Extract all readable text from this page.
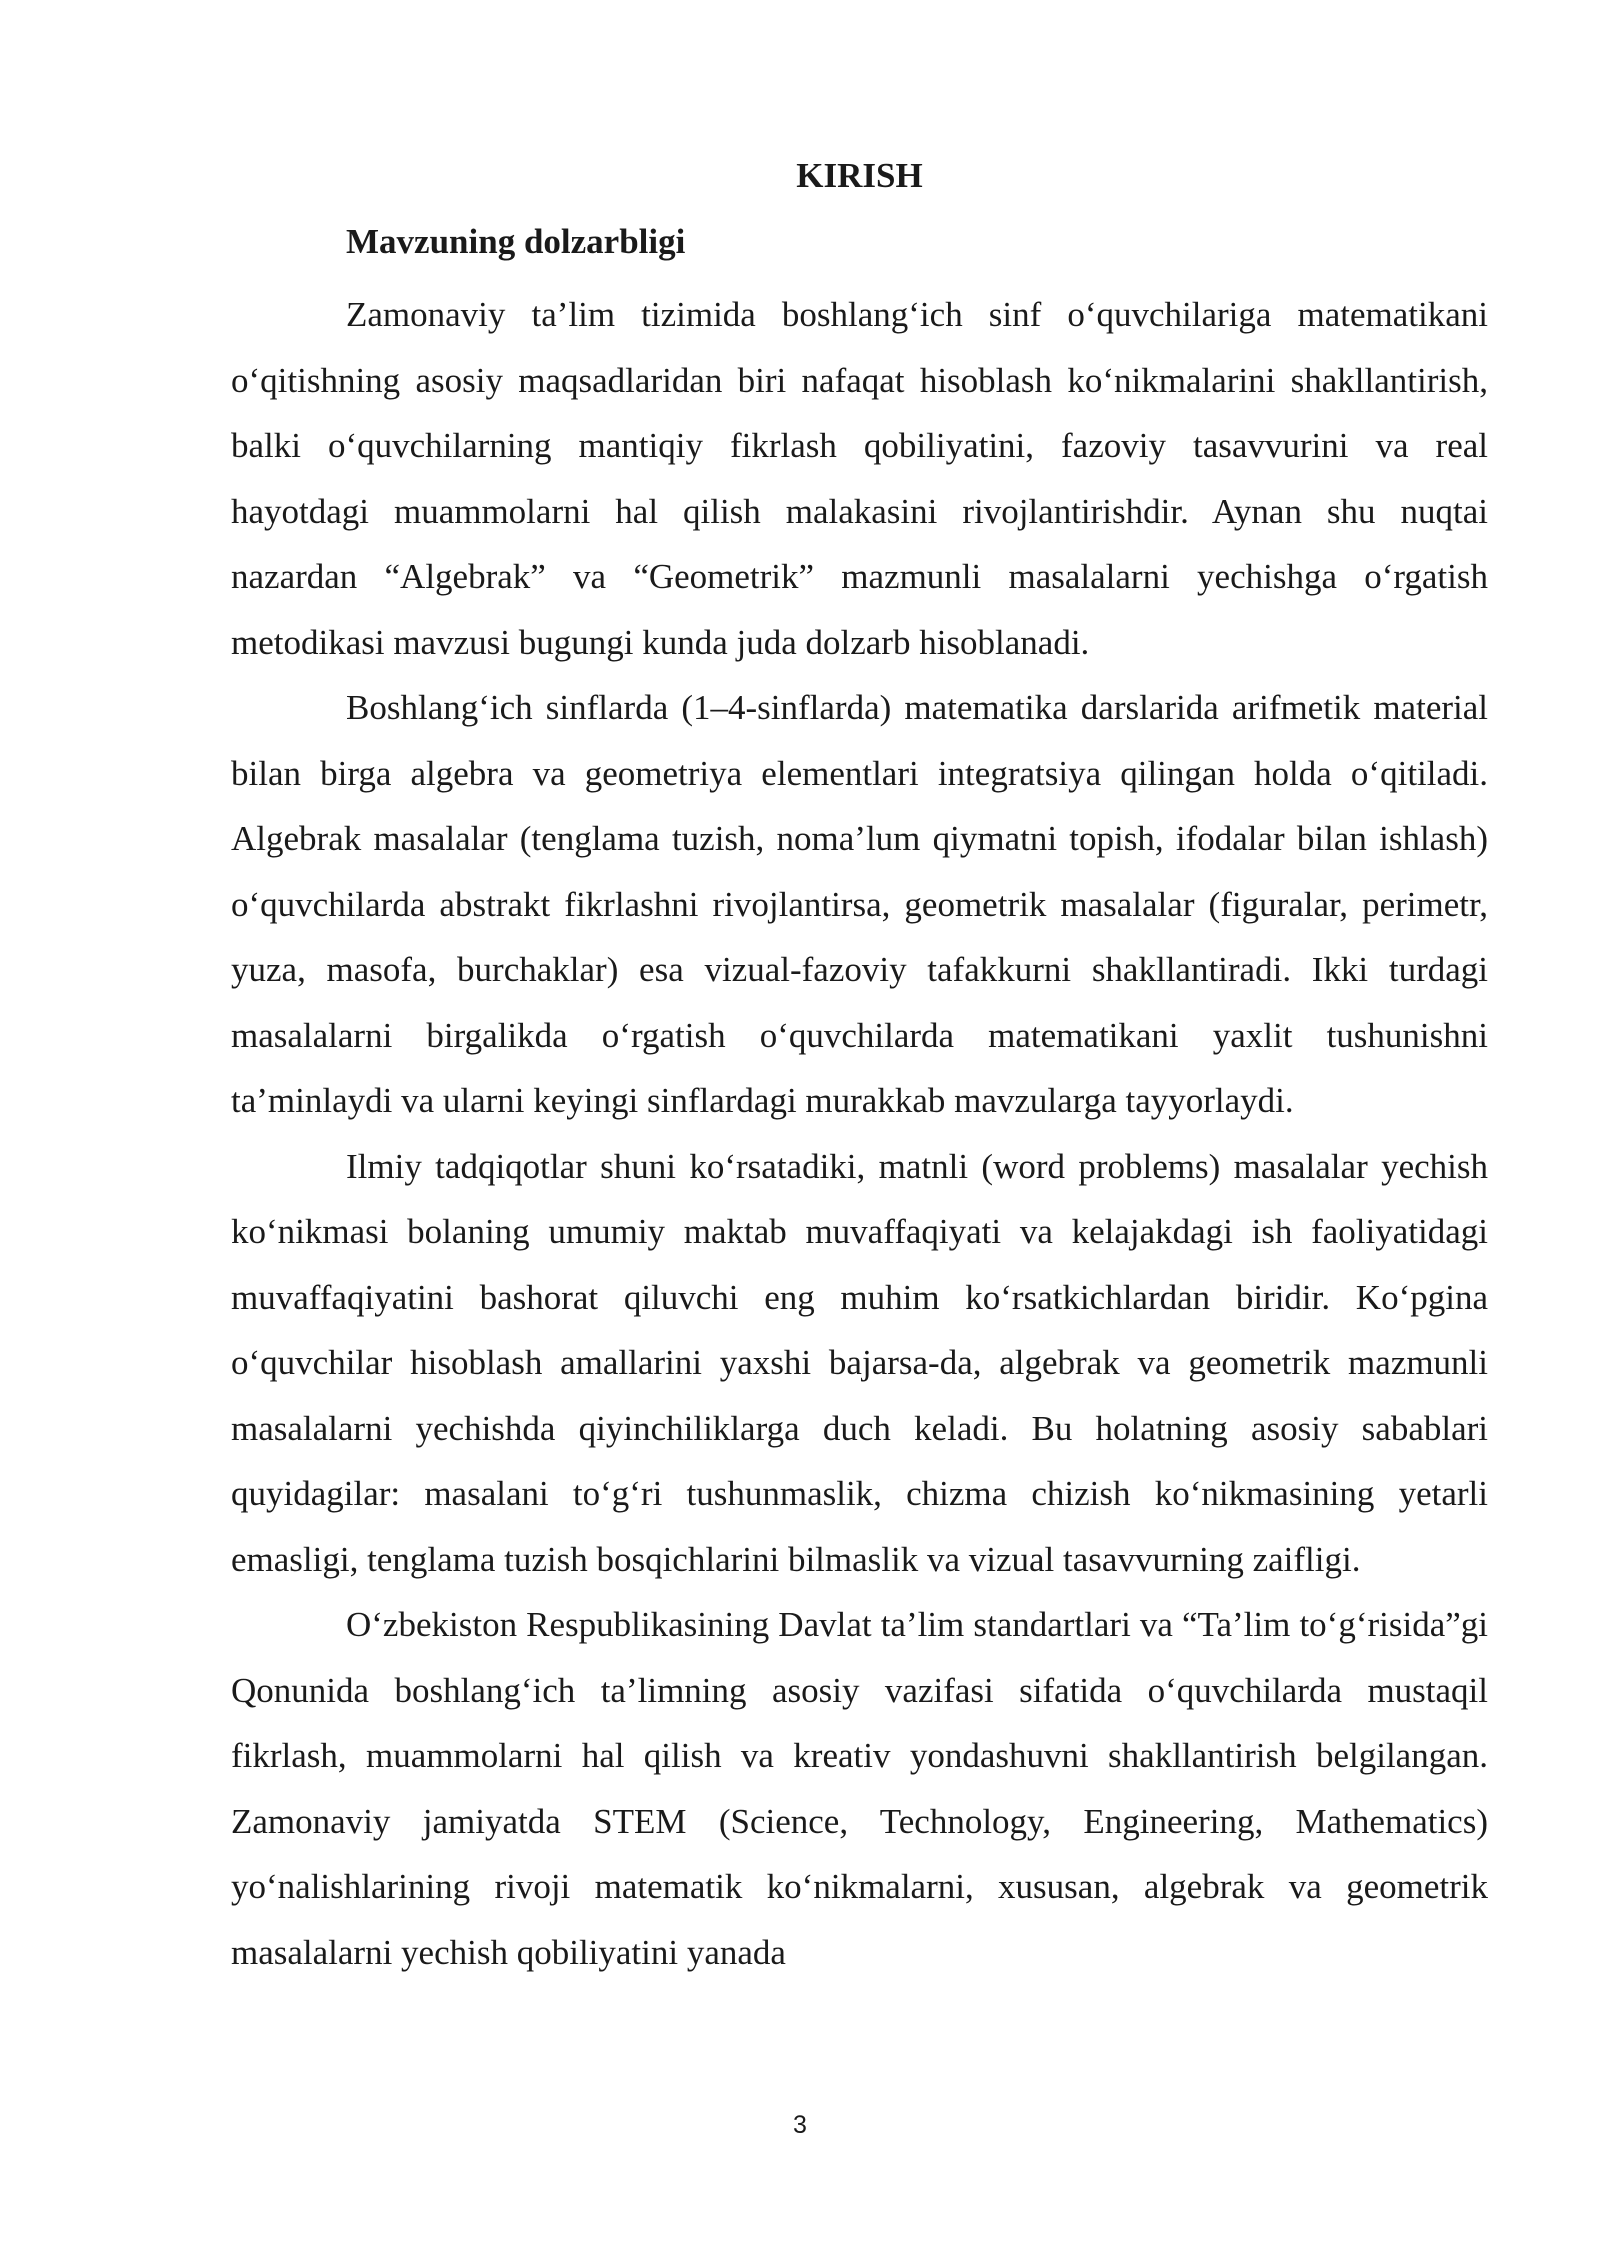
KIRISH
Mavzuning dolzarbligi

Zamonaviy ta’lim tizimida boshlang‘ich sinf o‘quvchilariga matematikani o‘qitishning asosiy maqsadlaridan biri nafaqat hisoblash ko‘nikmalarini shakllantirish, balki o‘quvchilarning mantiqiy fikrlash qobiliyatini, fazoviy tasavvurini va real hayotdagi muammolarni hal qilish malakasini rivojlantirishdir. Aynan shu nuqtai nazardan “Algebrak” va “Geometrik” mazmunli masalalarni yechishga o‘rgatish metodikasi mavzusi bugungi kunda juda dolzarb hisoblanadi.

Boshlang‘ich sinflarda (1–4-sinflarda) matematika darslarida arifmetik material bilan birga algebra va geometriya elementlari integratsiya qilingan holda o‘qitiladi. Algebrak masalalar (tenglama tuzish, noma’lum qiymatni topish, ifodalar bilan ishlash) o‘quvchilarda abstrakt fikrlashni rivojlantirsa, geometrik masalalar (figuralar, perimetr, yuza, masofa, burchaklar) esa vizual-fazoviy tafakkurni shakllantiradi. Ikki turdagi masalalarni birgalikda o‘rgatish o‘quvchilarda matematikani yaxlit tushunishni ta’minlaydi va ularni keyingi sinflardagi murakkab mavzularga tayyorlaydi.

Ilmiy tadqiqotlar shuni ko‘rsatadiki, matnli (word problems) masalalar yechish ko‘nikmasi bolaning umumiy maktab muvaffaqiyati va kelajakdagi ish faoliyatidagi muvaffaqiyatini bashorat qiluvchi eng muhim ko‘rsatkichlardan biridir. Ko‘pgina o‘quvchilar hisoblash amallarini yaxshi bajarsa-da, algebrak va geometrik mazmunli masalalarni yechishda qiyinchiliklarga duch keladi. Bu holatning asosiy sabablari quyidagilar: masalani to‘g‘ri tushunmaslik, chizma chizish ko‘nikmasining yetarli emasligi, tenglama tuzish bosqichlarini bilmaslik va vizual tasavvurning zaifligi.

O‘zbekiston Respublikasining Davlat ta’lim standartlari va “Ta’lim to‘g‘risida”gi Qonunida boshlang‘ich ta’limning asosiy vazifasi sifatida o‘quvchilarda mustaqil fikrlash, muammolarni hal qilish va kreativ yondashuvni shakllantirish belgilangan. Zamonaviy jamiyatda STEM (Science, Technology, Engineering, Mathematics) yo‘nalishlarining rivoji matematik ko‘nikmalarni, xususan, algebrak va geometrik masalalarni yechish qobiliyatini yanada

3
